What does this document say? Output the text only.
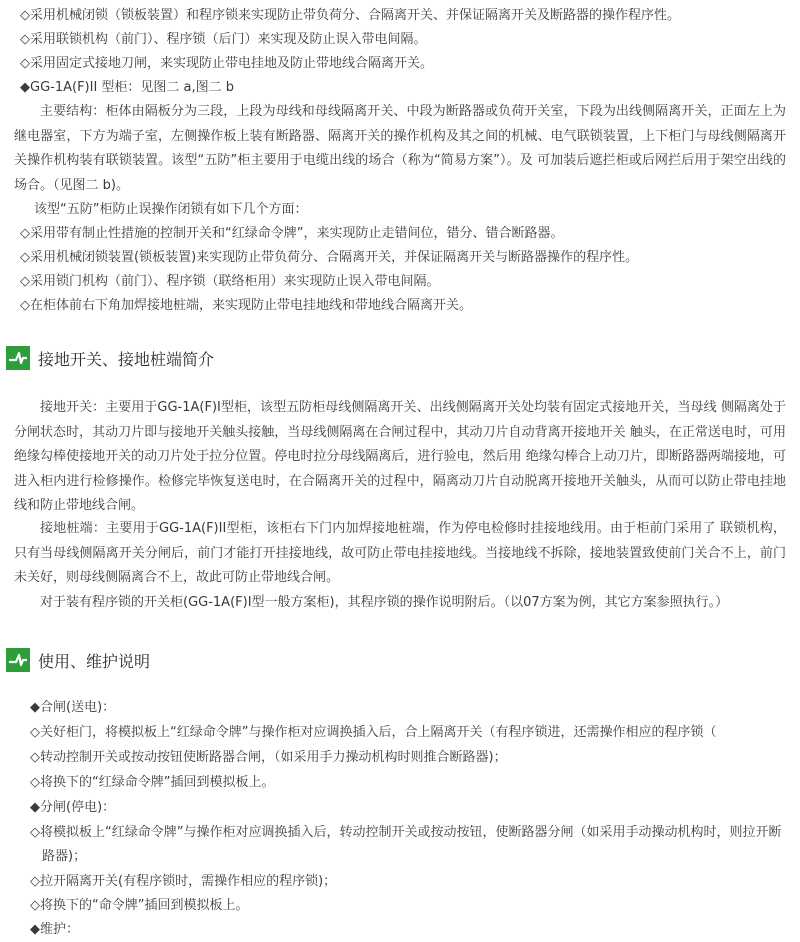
◇采用机械闭锁（锁板装置）和程序锁来实现防止带负荷分、合隔离开关、并保证隔离开关及断路器的操作程序性。
◇采用联锁机构（前门）、程序锁（后门）来实现及防止误入带电间隔。
◇采用固定式接地刀闸，来实现防止带电挂地及防止带地线合隔离开关。
◆GG-1A(F)II 型柜：见图二 a,图二 b
主要结构：柜体由隔板分为三段，上段为母线和母线隔离开关、中段为断路器或负荷开关室，下段为出线侧隔离开关，正面左上为继电器室，下方为端子室，左侧操作板上装有断路器、隔离开关的操作机构及其之间的机械、电气联锁装置，上下柜门与母线侧隔离开关操作机构装有联锁装置。该型“五防”柜主要用于电缆出线的场合（称为“简易方案”）。及 可加装后遮拦柜或后网拦后用于架空出线的场合。（见图二 b)。
该型“五防”柜防止误操作闭锁有如下几个方面：
◇采用带有制止性措施的控制开关和“红绿命令牌”，来实现防止走错间位，错分、错合断路器。
◇采用机械闭锁装置(锁板装置)来实现防止带负荷分、合隔离开关，并保证隔离开关与断路器操作的程序性。
◇采用锁门机构（前门）、程序锁（联络柜用）来实现防止误入带电间隔。
◇在柜体前右下角加焊接地桩端，来实现防止带电挂地线和带地线合隔离开关。
接地开关、接地桩端简介
接地开关：主要用于GG-1A(F)I型柜，该型五防柜母线侧隔离开关、出线侧隔离开关处均装有固定式接地开关，当母线 侧隔离处于分闸状态时，其动刀片即与接地开关触头接触，当母线侧隔离在合闸过程中，其动刀片自动背离开接地开关 触头，在正常送电时，可用绝缘勾棒使接地开关的动刀片处于拉分位置。停电时拉分母线隔离后，进行验电，然后用 绝缘勾棒合上动刀片，即断路器两端接地，可进入柜内进行检修操作。检修完毕恢复送电时，在合隔离开关的过程中，隔离动刀片自动脱离开接地开关触头，从而可以防止带电挂地线和防止带地线合闸。
接地桩端：主要用于GG-1A(F)II型柜，该柜右下门内加焊接地桩端，作为停电检修时挂接地线用。由于柜前门采用了 联锁机构，只有当母线侧隔离开关分闸后，前门才能打开挂接地线，故可防止带电挂接地线。当接地线不拆除，接地装置致使前门关合不上，前门未关好，则母线侧隔离合不上，故此可防止带地线合闸。
对于装有程序锁的开关柜(GG-1A(F)I型一般方案柜)，其程序锁的操作说明附后。（以07方案为例，其它方案参照执行。）
使用、维护说明
◆合闸(送电)：
◇关好柜门，将模拟板上“红绿命令牌”与操作柜对应调换插入后，合上隔离开关（有程序锁进，还需操作相应的程序锁（
◇转动控制开关或按动按钮使断路器合闸，（如采用手力操动机构时则推合断路器)；
◇将换下的“红绿命令牌”插回到模拟板上。
◆分闸(停电)：
◇将模拟板上“红绿命令牌”与操作柜对应调换插入后，转动控制开关或按动按钮，使断路器分闸（如采用手动操动机构时，则拉开断
路器)；
◇拉开隔离开关(有程序锁时，需操作相应的程序锁)；
◇将换下的“命令牌”插回到模拟板上。
◆维护：
